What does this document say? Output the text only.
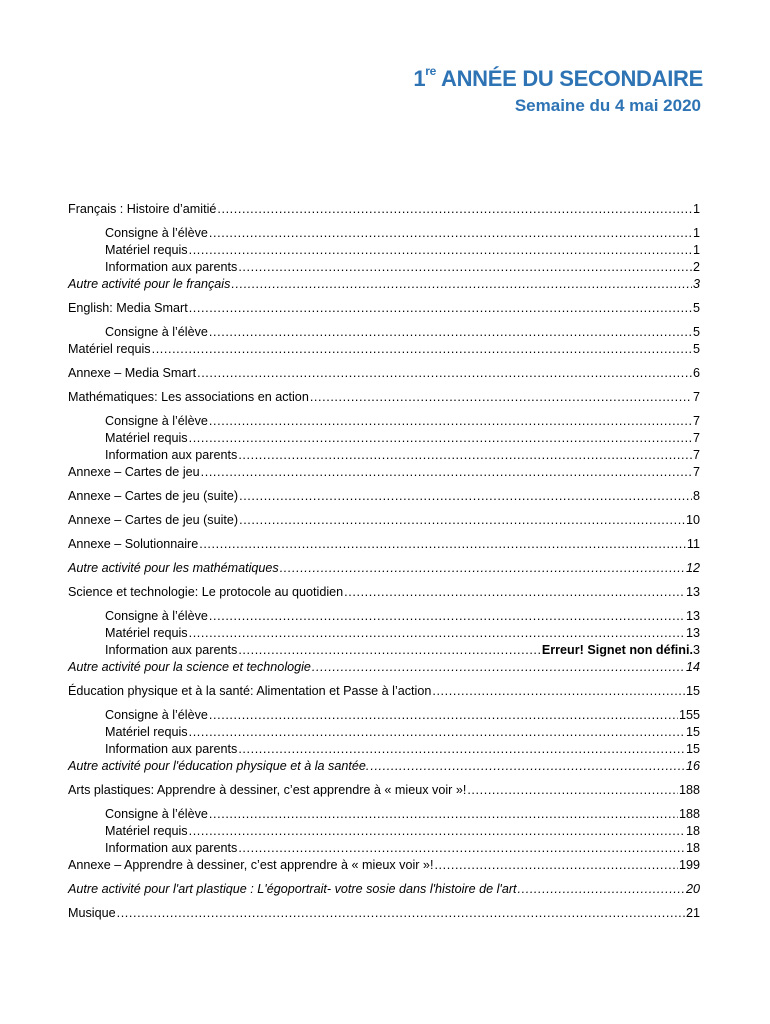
1re ANNÉE DU SECONDAIRE
Semaine du 4 mai 2020
Français : Histoire d’amitié .....	1
Consigne à l’élève .....	1
Matériel requis .....	1
Information aux parents .....	2
Autre activité pour le français .....	3
English: Media Smart .....	5
Consigne à l’élève .....	5
Matériel requis .....	5
Annexe – Media Smart .....	6
Mathématiques: Les associations en action .....	7
Consigne à l’élève .....	7
Matériel requis .....	7
Information aux parents .....	7
Annexe – Cartes de jeu .....	7
Annexe – Cartes de jeu (suite) .....	8
Annexe – Cartes de jeu (suite) .....	10
Annexe – Solutionnaire .....	11
Autre activité pour les mathématiques .....	12
Science et technologie: Le protocole au quotidien .....	13
Consigne à l’élève .....	13
Matériel requis .....	13
Information aux parents .....	Erreur! Signet non défini. 3
Autre activité pour la science et technologie .....	14
Éducation physique et à la santé: Alimentation et Passe à l’action .....	15
Consigne à l’élève .....	155
Matériel requis .....	15
Information aux parents .....	15
Autre activité pour l'éducation physique et à la santée. .....	16
Arts plastiques: Apprendre à dessiner, c’est apprendre à « mieux voir »! .....	188
Consigne à l’élève .....	188
Matériel requis .....	18
Information aux parents .....	18
Annexe – Apprendre à dessiner, c’est apprendre à « mieux voir »! .....	199
Autre activité pour l'art plastique : L'égoportrait- votre sosie dans l'histoire de l'art .....	20
Musique .....	21
